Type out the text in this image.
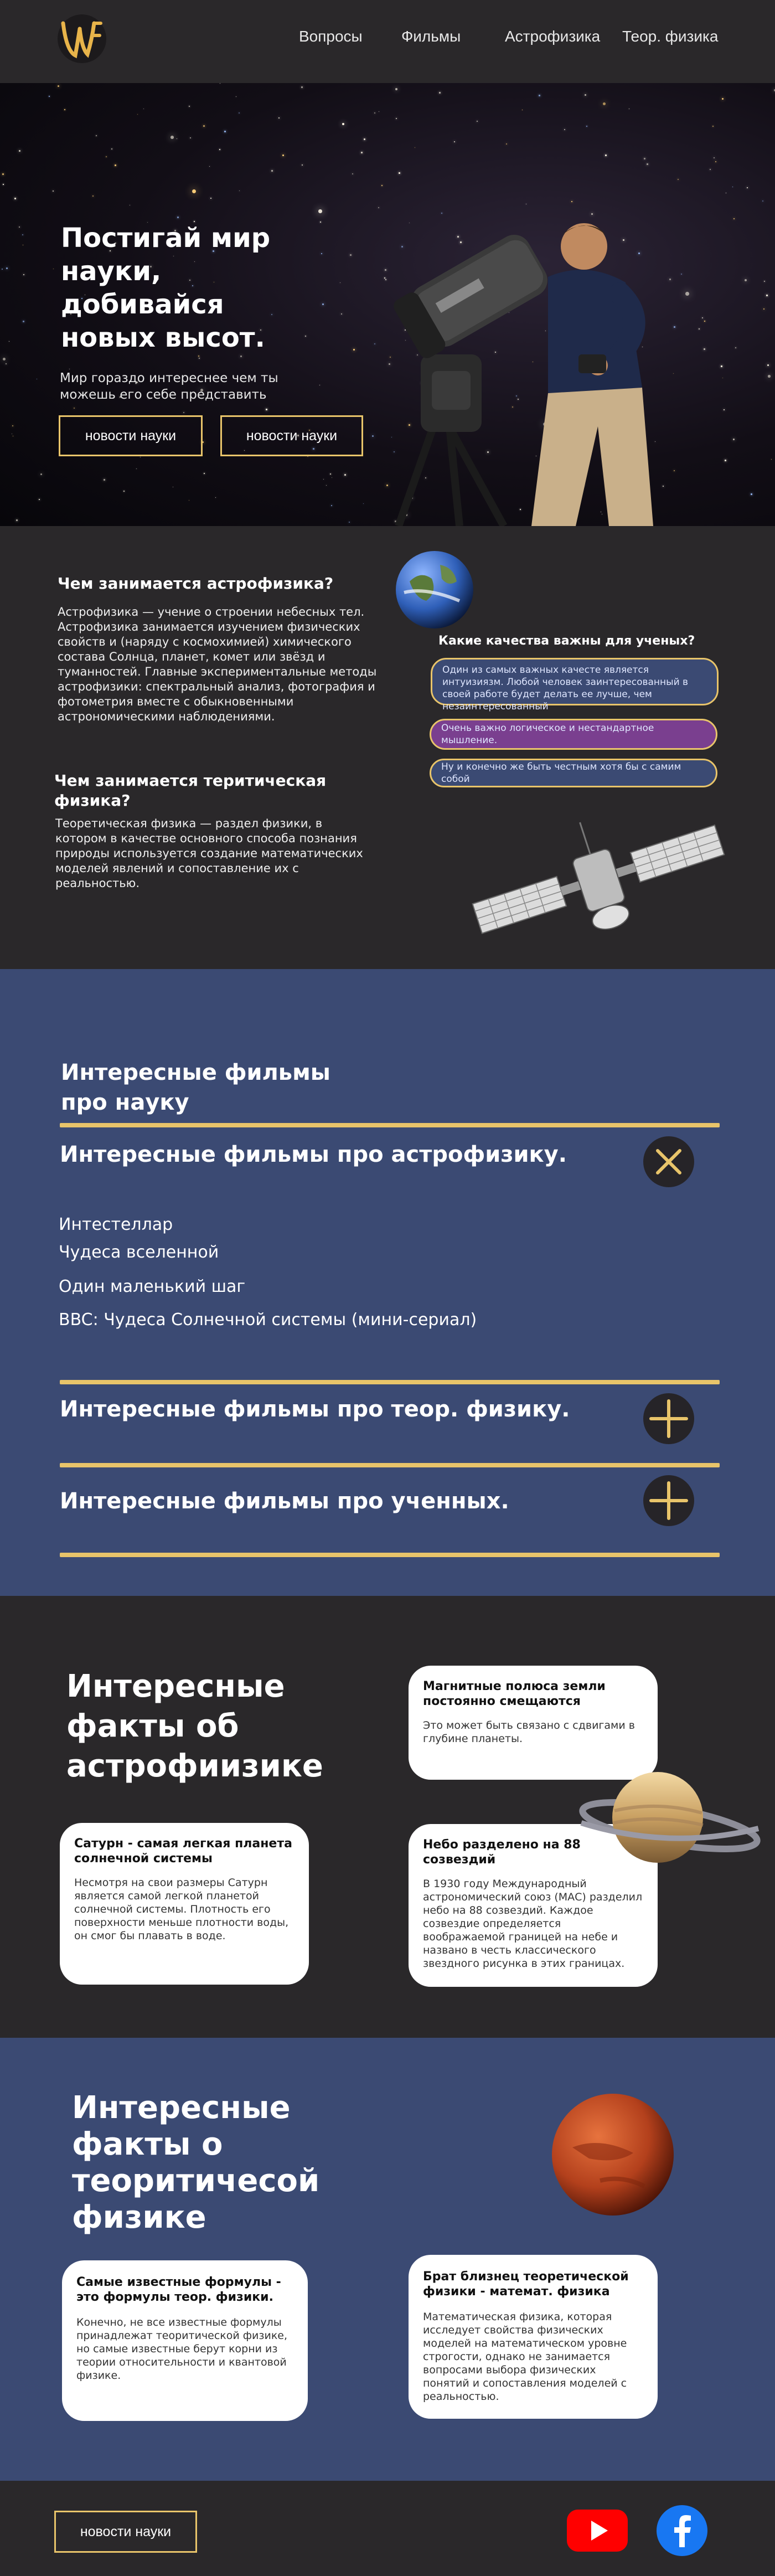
Вопросы	Фильмы	Астрофизика Теор. физика
Постигай мир науки, добивайся новых высот.
Мир гораздо интереснее чем ты можешь его себе представить
новости науки	новости науки
Чем занимается астрофизика?
Астрофизика — учение о строении небесных тел. Астрофизика занимается изучением физических свойств и (наряду с космохимией) химического состава Солнца, планет, комет или звёзд и туманностей. Главные экспериментальные методы астрофизики: спектральный анализ, фотография и фотометрия вместе с обыкновенными астрономическими наблюдениями.
Чем занимается теритическая физика?
Теоретическая физика — раздел физики, в котором в качестве основного способа познания природы используется создание математических моделей явлений и сопоставление их с реальностью.
Какие качества важны для ученых?
Один из самых важных качесте является интуизиязм. Любой человек заинтересованный в своей работе будет делать ее лучше, чем незаинтересованный
Очень важно логическое и нестандартное мышление.
Ну и конечно же быть честным хотя бы с самим собой
Интересные фильмы про науку
Интересные фильмы про астрофизику.
Интестеллар
Чудеса вселенной
Один маленький шаг
BBC: Чудеса Солнечной системы (мини-сериал)
Интересные фильмы про теор. физику.
Интересные фильмы про ученных.
Интересные факты об астрофиизике
Магнитные полюса земли постоянно смещаются
Это может быть связано с сдвигами в глубине планеты.
Сатурн - самая легкая планета солнечной системы
Несмотря на свои размеры Сатурн является самой легкой планетой солнечной системы. Плотность его поверхности меньше плотности воды, он смог бы плавать в воде.
Небо разделено на 88 созвездий
В 1930 году Международный астрономический союз (МАС) разделил небо на 88 созвездий. Каждое созвездие определяется воображаемой границей на небе и названо в честь классического звездного рисунка в этих границах.
Интересные факты о теоритичесой физике
Самые известные формулы - это формулы теор. физики.
Конечно, не все известные формулы принадлежат теоритической физике, но самые известные берут корни из теории относительности и квантовой физике.
Брат близнец теоретической физики - математ. физика
Математическая физика, которая исследует свойства физических моделей на математическом уровне строгости, однако не занимается вопросами выбора физических понятий и сопоставления моделей с реальностью.
новости науки
